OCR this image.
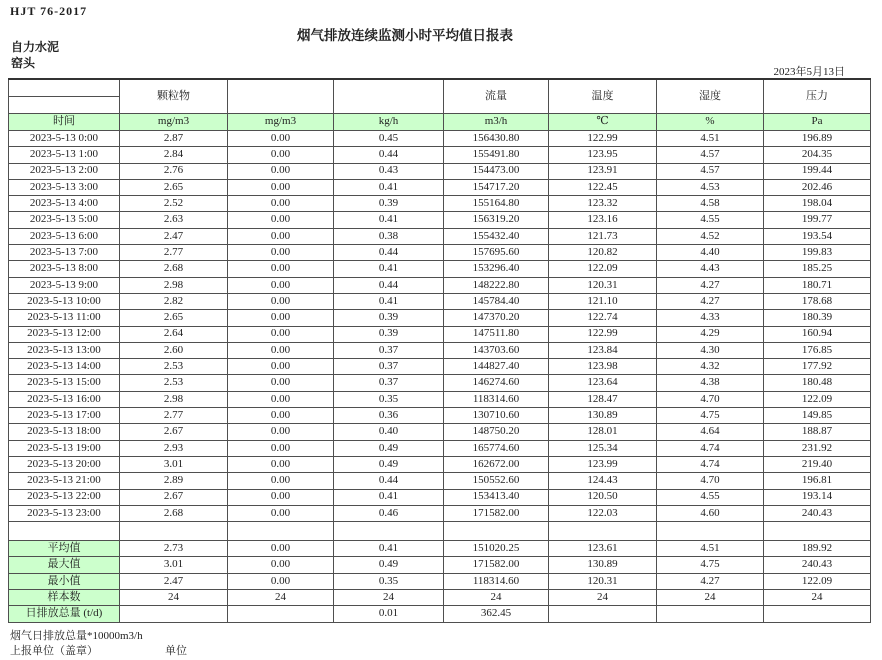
HJT 76-2017
烟气排放连续监测小时平均值日报表
自力水泥
窑头
2023年5月13日
	颗粒物			流量	温度	湿度	压力

时间	mg/m3	mg/m3	kg/h	m3/h	℃	%	Pa
2023-5-13 0:00	2.87	0.00	0.45	156430.80	122.99	4.51	196.89
2023-5-13 1:00	2.84	0.00	0.44	155491.80	123.95	4.57	204.35
2023-5-13 2:00	2.76	0.00	0.43	154473.00	123.91	4.57	199.44
2023-5-13 3:00	2.65	0.00	0.41	154717.20	122.45	4.53	202.46
2023-5-13 4:00	2.52	0.00	0.39	155164.80	123.32	4.58	198.04
2023-5-13 5:00	2.63	0.00	0.41	156319.20	123.16	4.55	199.77
2023-5-13 6:00	2.47	0.00	0.38	155432.40	121.73	4.52	193.54
2023-5-13 7:00	2.77	0.00	0.44	157695.60	120.82	4.40	199.83
2023-5-13 8:00	2.68	0.00	0.41	153296.40	122.09	4.43	185.25
2023-5-13 9:00	2.98	0.00	0.44	148222.80	120.31	4.27	180.71
2023-5-13 10:00	2.82	0.00	0.41	145784.40	121.10	4.27	178.68
2023-5-13 11:00	2.65	0.00	0.39	147370.20	122.74	4.33	180.39
2023-5-13 12:00	2.64	0.00	0.39	147511.80	122.99	4.29	160.94
2023-5-13 13:00	2.60	0.00	0.37	143703.60	123.84	4.30	176.85
2023-5-13 14:00	2.53	0.00	0.37	144827.40	123.98	4.32	177.92
2023-5-13 15:00	2.53	0.00	0.37	146274.60	123.64	4.38	180.48
2023-5-13 16:00	2.98	0.00	0.35	118314.60	128.47	4.70	122.09
2023-5-13 17:00	2.77	0.00	0.36	130710.60	130.89	4.75	149.85
2023-5-13 18:00	2.67	0.00	0.40	148750.20	128.01	4.64	188.87
2023-5-13 19:00	2.93	0.00	0.49	165774.60	125.34	4.74	231.92
2023-5-13 20:00	3.01	0.00	0.49	162672.00	123.99	4.74	219.40
2023-5-13 21:00	2.89	0.00	0.44	150552.60	124.43	4.70	196.81
2023-5-13 22:00	2.67	0.00	0.41	153413.40	120.50	4.55	193.14
2023-5-13 23:00	2.68	0.00	0.46	171582.00	122.03	4.60	240.43

平均值	2.73	0.00	0.41	151020.25	123.61	4.51	189.92
最大值	3.01	0.00	0.49	171582.00	130.89	4.75	240.43
最小值	2.47	0.00	0.35	118314.60	120.31	4.27	122.09
样本数	24	24	24	24	24	24	24
日排放总量 (t/d)			0.01	362.45			
烟气日排放总量*10000m3/h
上报单位（盖章）	单位
